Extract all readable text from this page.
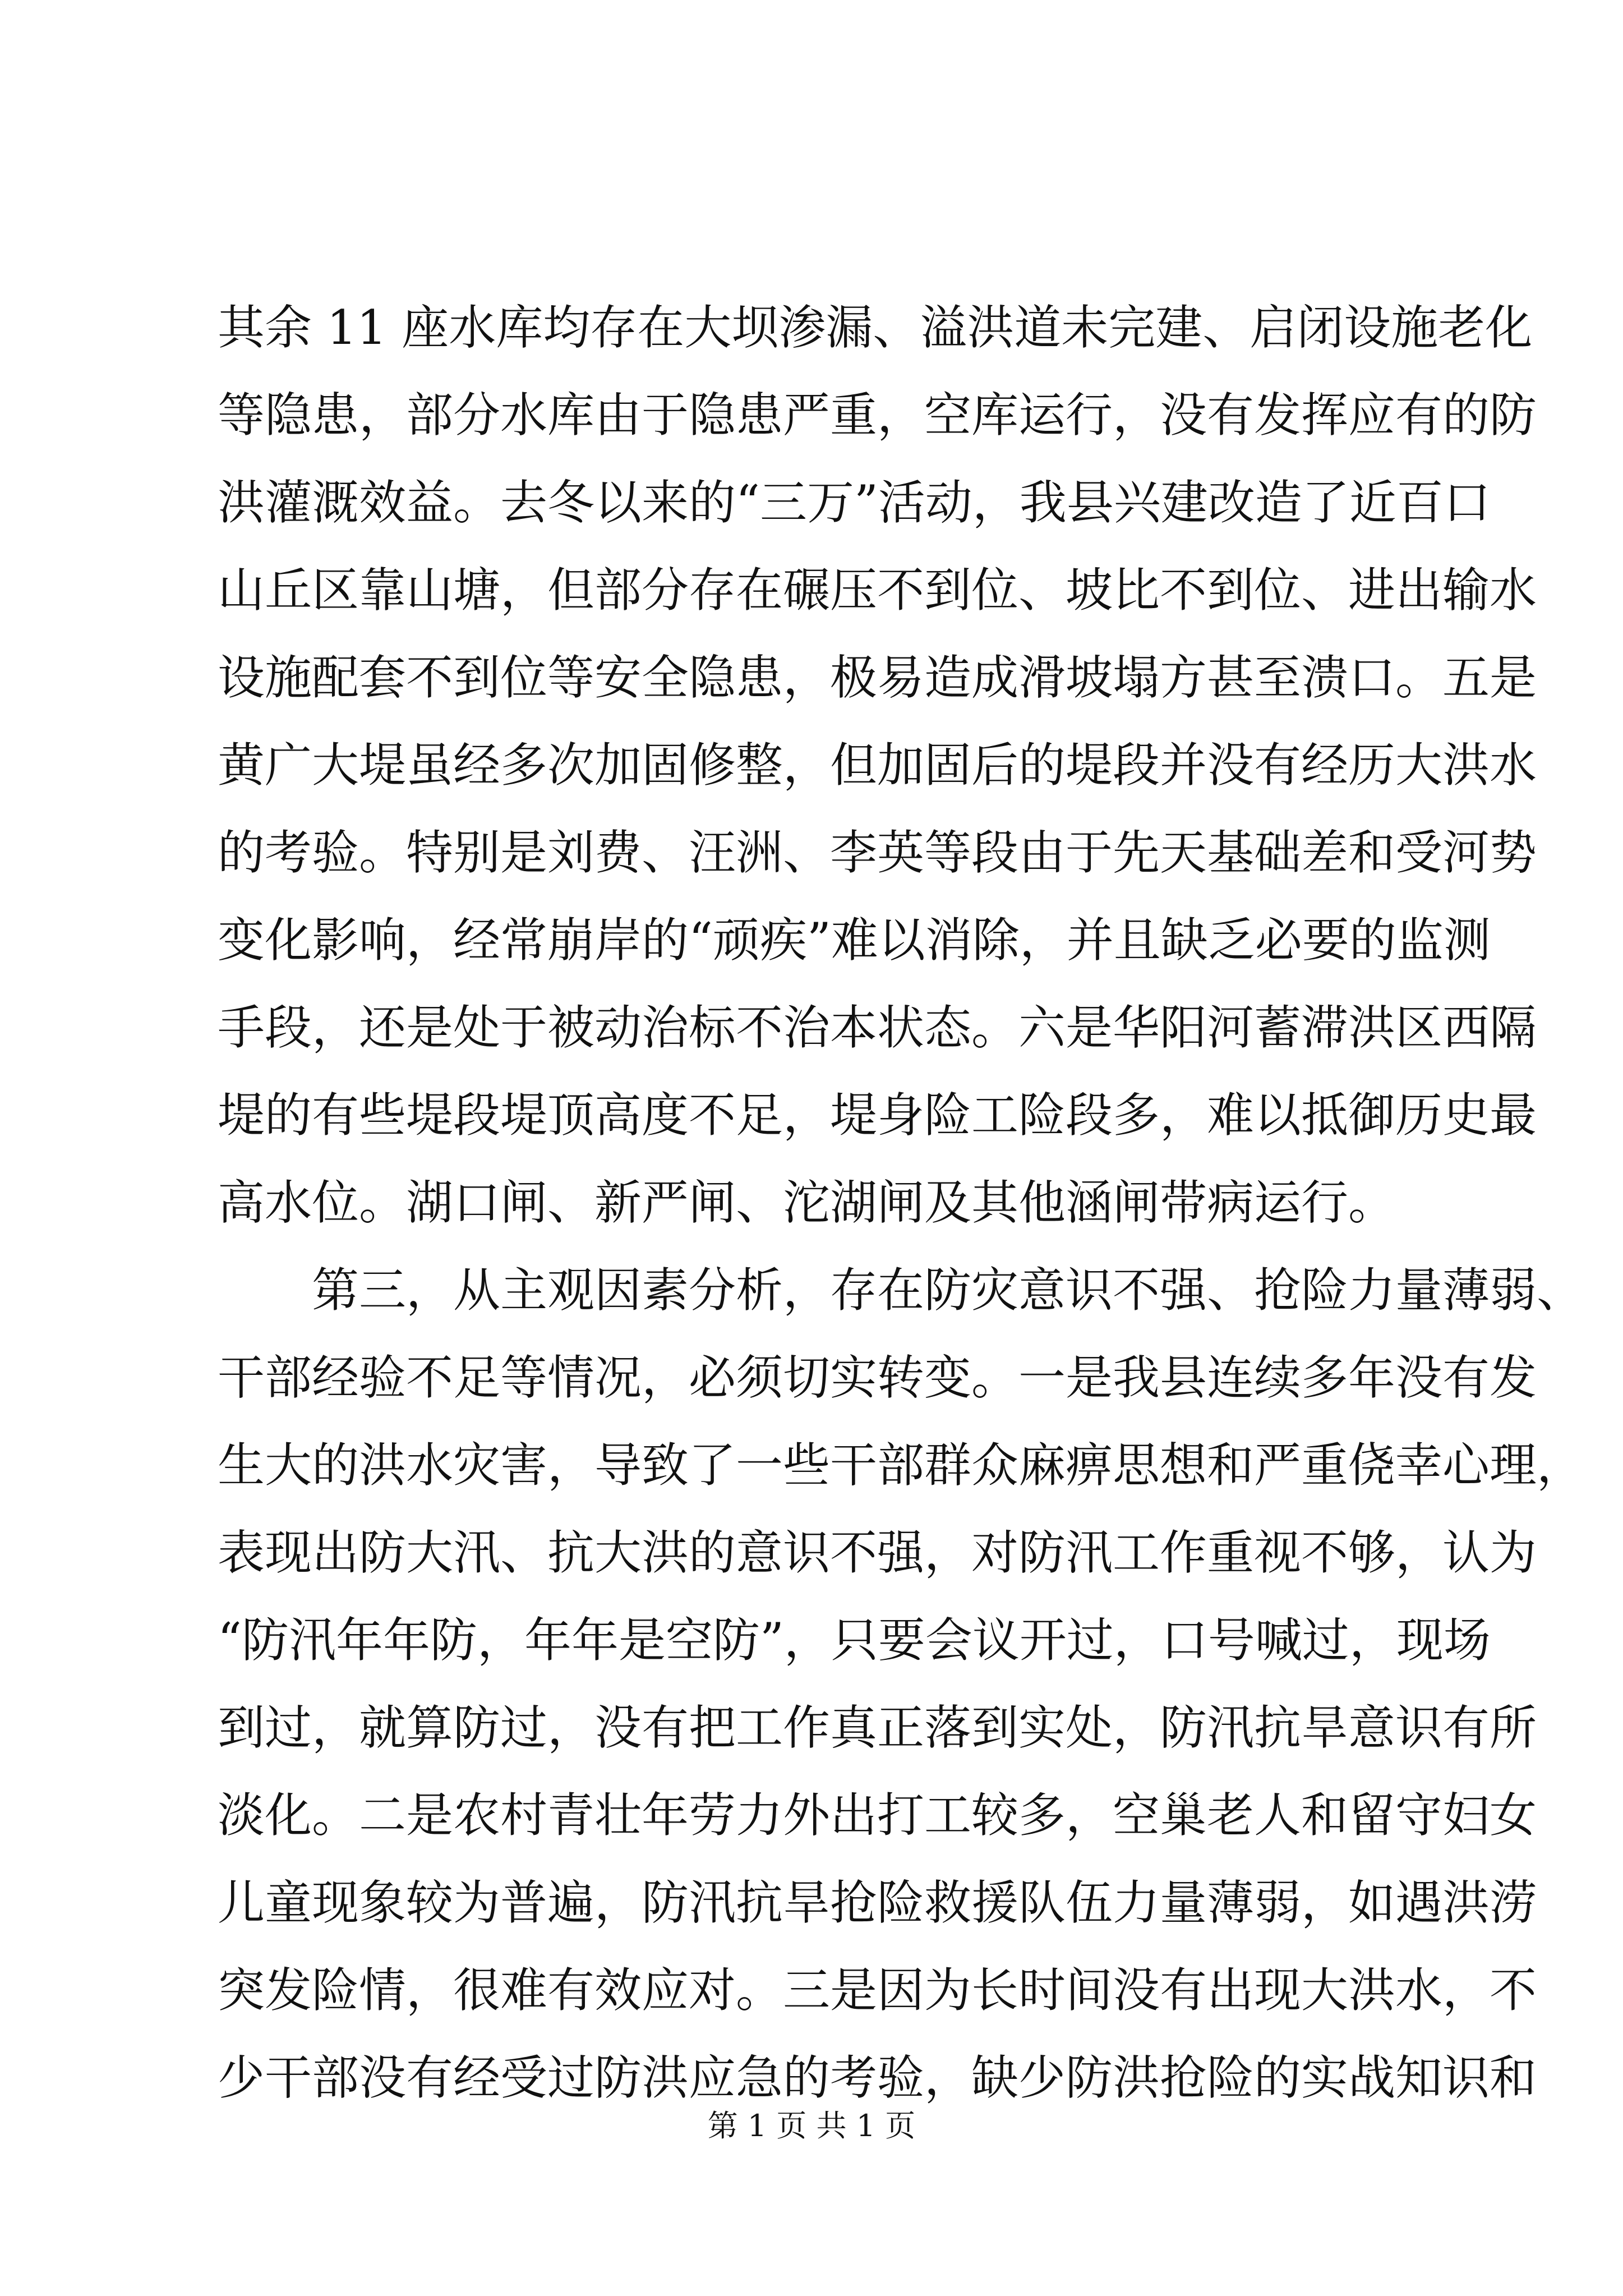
其余 11 座水库均存在大坝渗漏、溢洪道未完建、启闭设施老化
等隐患，部分水库由于隐患严重，空库运行，没有发挥应有的防
洪灌溉效益。去冬以来的“三万”活动，我县兴建改造了近百口
山丘区靠山塘，但部分存在碾压不到位、坡比不到位、进出输水
设施配套不到位等安全隐患，极易造成滑坡塌方甚至溃口。五是
黄广大堤虽经多次加固修整，但加固后的堤段并没有经历大洪水
的考验。特别是刘费、汪洲、李英等段由于先天基础差和受河势
变化影响，经常崩岸的“顽疾”难以消除，并且缺乏必要的监测
手段，还是处于被动治标不治本状态。六是华阳河蓄滞洪区西隔
堤的有些堤段堤顶高度不足，堤身险工险段多，难以抵御历史最
高水位。湖口闸、新严闸、沱湖闸及其他涵闸带病运行。
第三，从主观因素分析，存在防灾意识不强、抢险力量薄弱、
干部经验不足等情况，必须切实转变。一是我县连续多年没有发
生大的洪水灾害，导致了一些干部群众麻痹思想和严重侥幸心理，
表现出防大汛、抗大洪的意识不强，对防汛工作重视不够，认为
“防汛年年防，年年是空防”，只要会议开过，口号喊过，现场
到过，就算防过，没有把工作真正落到实处，防汛抗旱意识有所
淡化。二是农村青壮年劳力外出打工较多，空巢老人和留守妇女
儿童现象较为普遍，防汛抗旱抢险救援队伍力量薄弱，如遇洪涝
突发险情，很难有效应对。三是因为长时间没有出现大洪水，不
少干部没有经受过防洪应急的考验，缺少防洪抢险的实战知识和
第 1 页 共 1 页
